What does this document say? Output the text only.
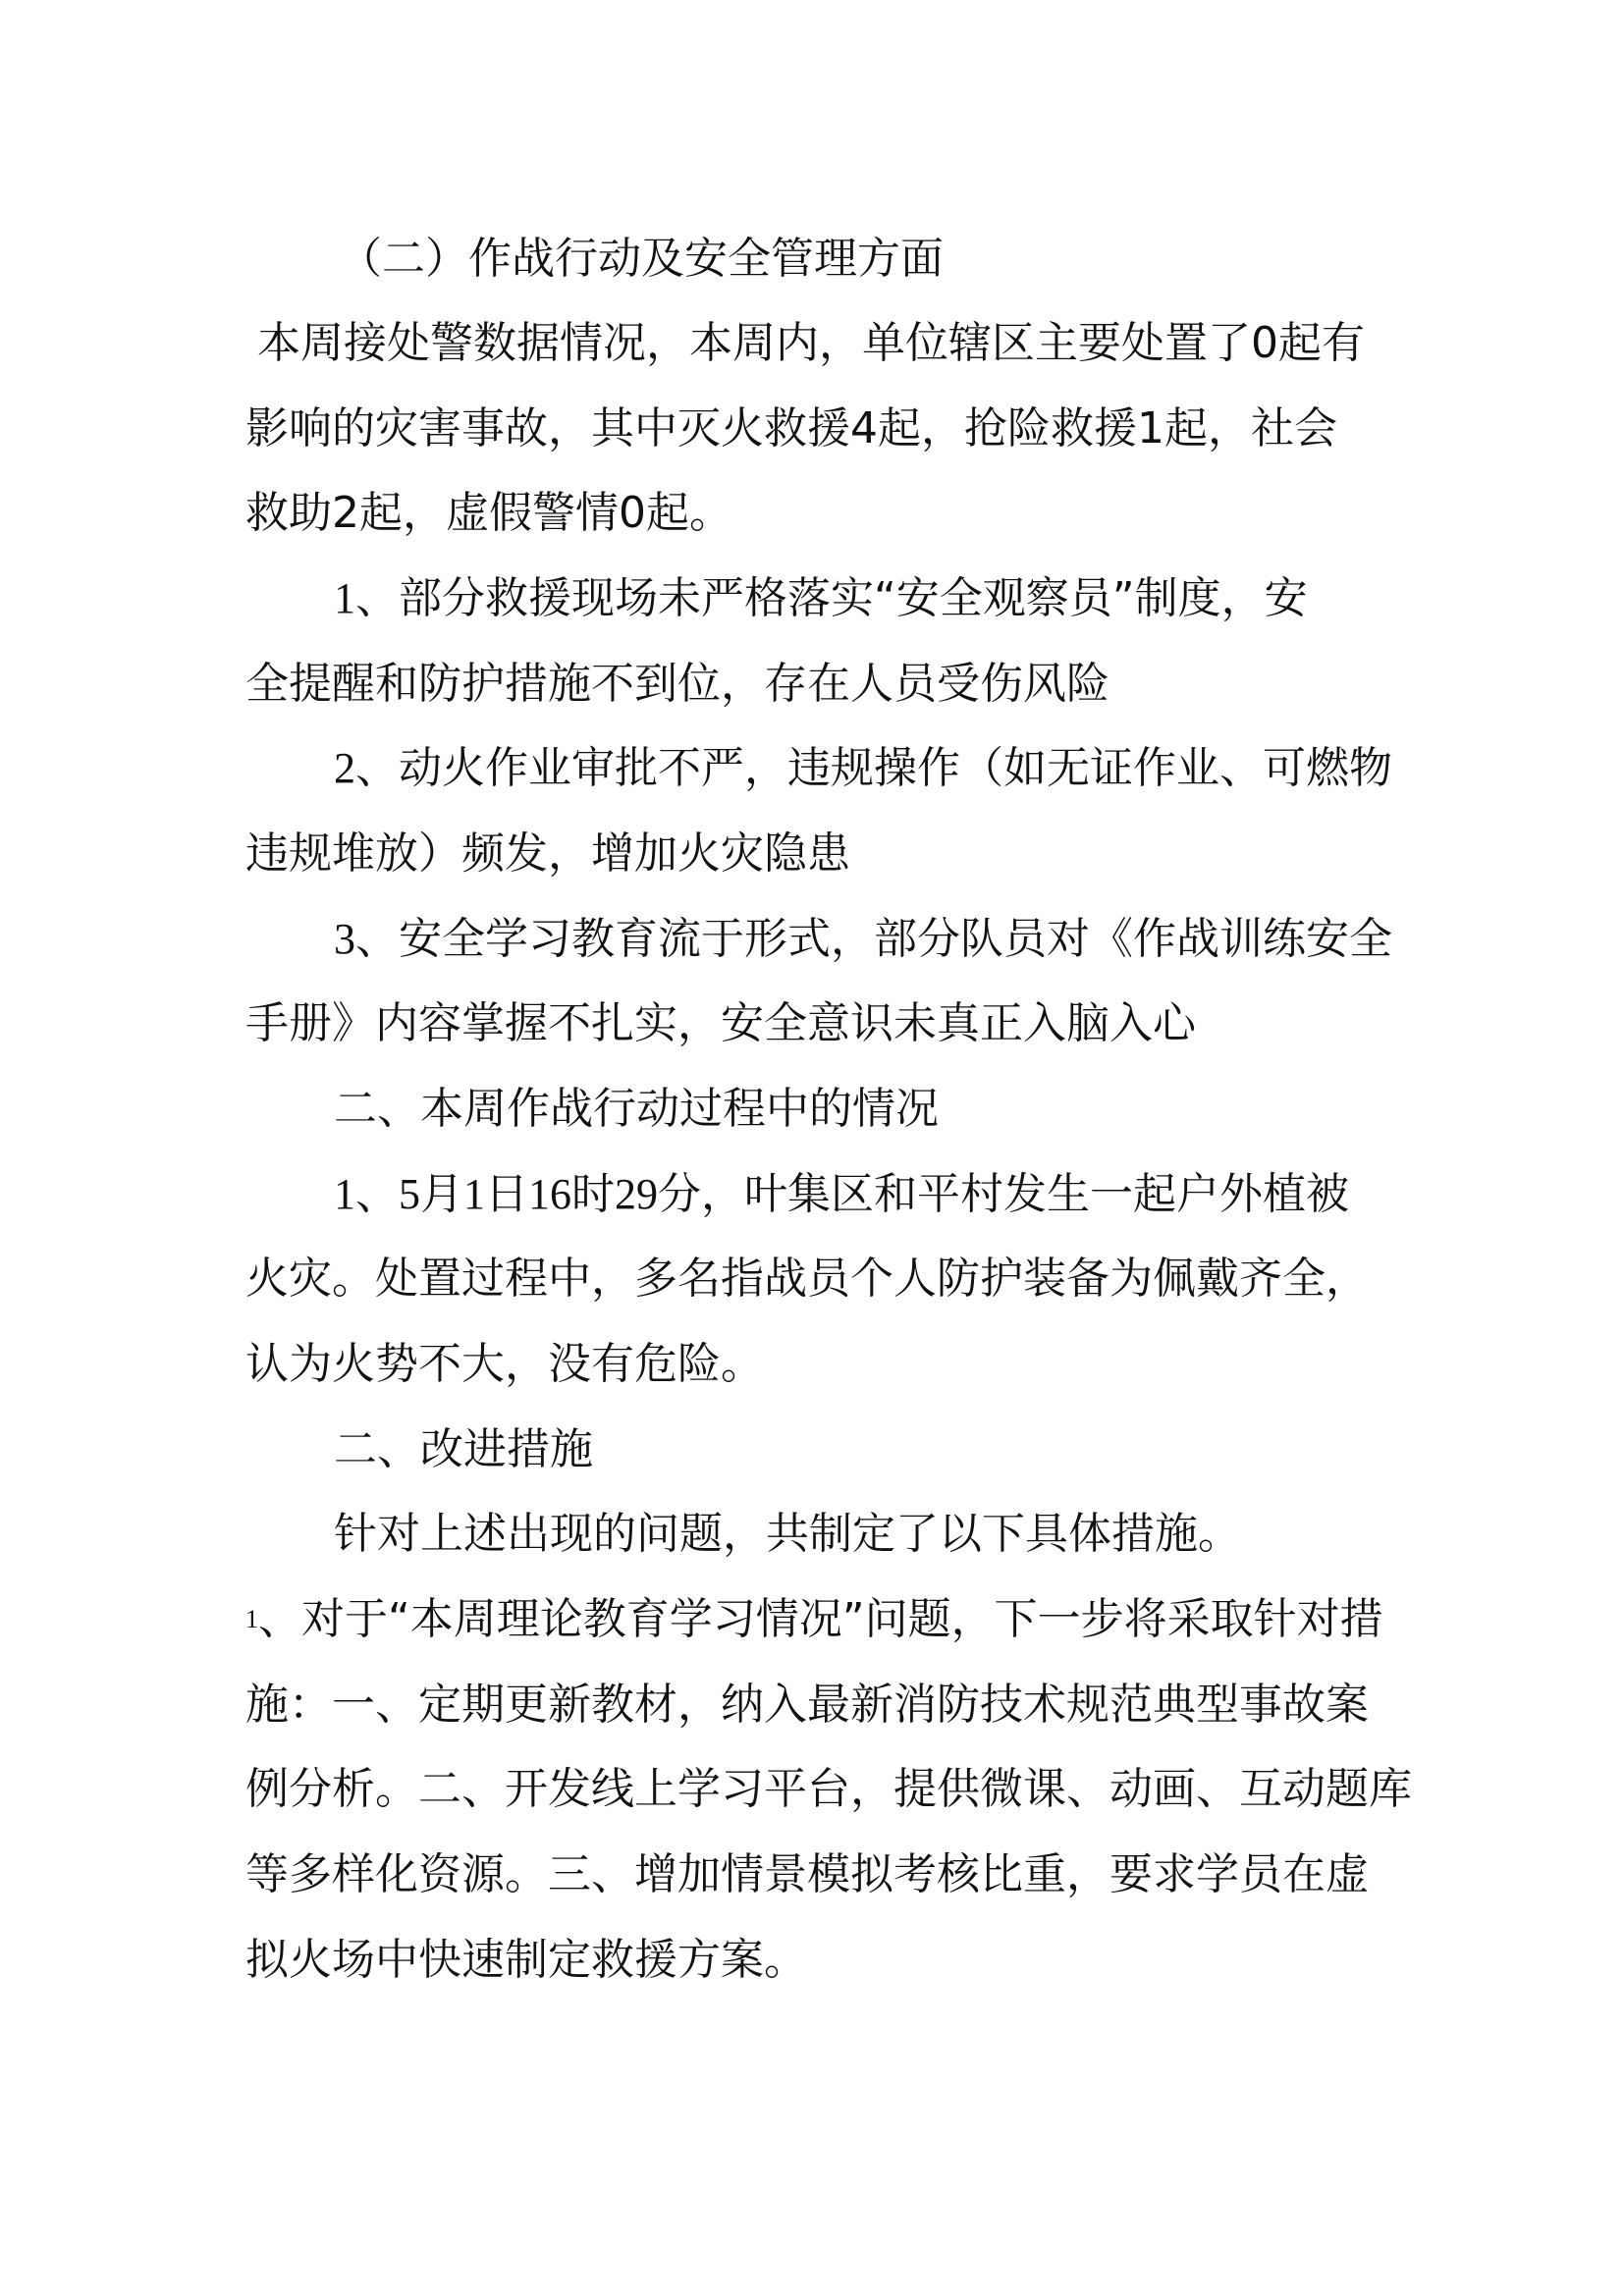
（二）作战行动及安全管理方面
本周接处警数据情况，本周内，单位辖区主要处置了0起有
影响的灾害事故，其中灭火救援4起，抢险救援1起，社会
救助2起，虚假警情0起。
1、部分救援现场未严格落实“安全观察员”制度，安
全提醒和防护措施不到位，存在人员受伤风险
2、动火作业审批不严，违规操作（如无证作业、可燃物
违规堆放）频发，增加火灾隐患
3、安全学习教育流于形式，部分队员对《作战训练安全
手册》内容掌握不扎实，安全意识未真正入脑入心
二、本周作战行动过程中的情况
1、5月1日16时29分，叶集区和平村发生一起户外植被
火灾。处置过程中，多名指战员个人防护装备为佩戴齐全，
认为火势不大，没有危险。
二、改进措施
针对上述出现的问题，共制定了以下具体措施。
1、对于“本周理论教育学习情况”问题，下一步将采取针对措
施：一、定期更新教材，纳入最新消防技术规范典型事故案
例分析。二、开发线上学习平台，提供微课、动画、互动题库
等多样化资源。三、增加情景模拟考核比重，要求学员在虚
拟火场中快速制定救援方案。
